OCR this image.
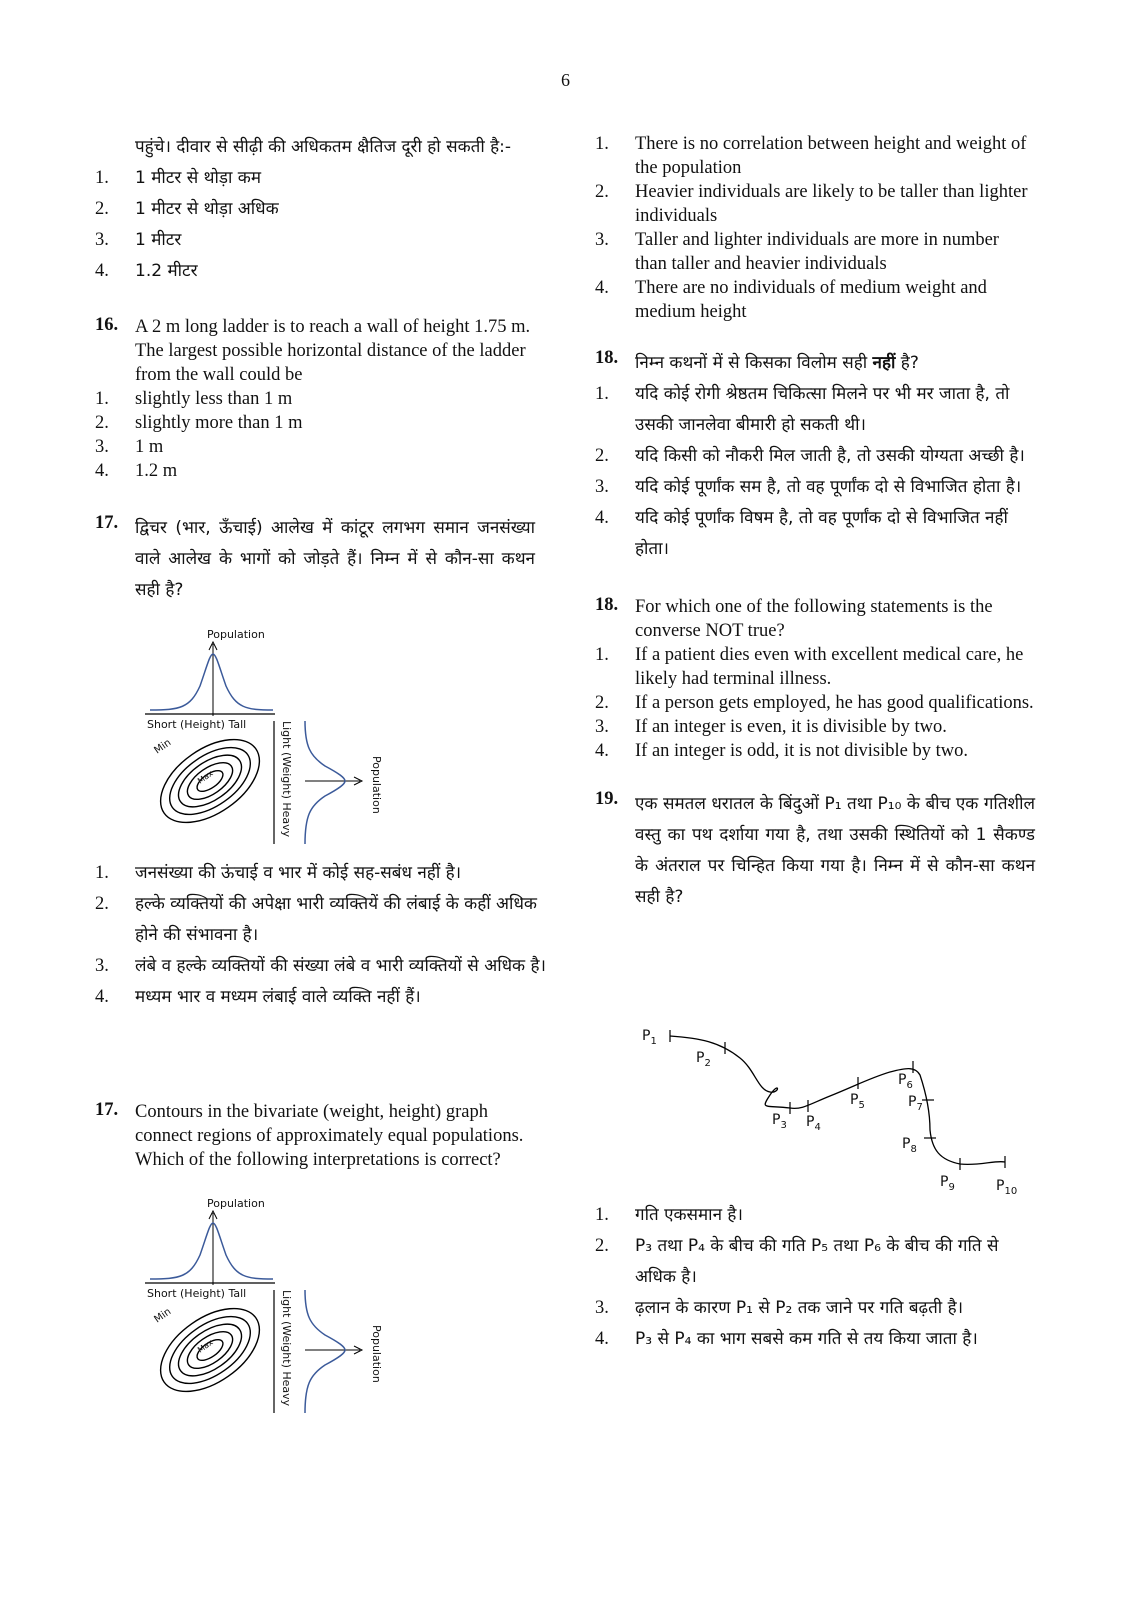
6
पहुंचे। दीवार से सीढ़ी की अधिकतम क्षैतिज दूरी हो सकती है:-
1.	1 मीटर से थोड़ा कम
2.	1 मीटर से थोड़ा अधिक
3.	1 मीटर
4.	1.2 मीटर
16. A 2 m long ladder is to reach a wall of height 1.75 m. The largest possible horizontal distance of the ladder from the wall could be
1.	slightly less than 1 m
2.	slightly more than 1 m
3.	1 m
4.	1.2 m
17. द्विचर (भार, ऊँचाई) आलेख में कांटूर लगभग समान जनसंख्या वाले आलेख के भागों को जोड़ते हैं। निम्न में से कौन-सा कथन सही है?
Population
Short (Height) Tall	Light (Weight) Heavy	Population
Min
Max
1.	जनसंख्या की ऊंचाई व भार में कोई सह-सबंध नहीं है।
2.	हल्के व्यक्तियों की अपेक्षा भारी व्यक्तियें की लंबाई के कहीं अधिक होने की संभावना है।
3.	लंबे व हल्के व्यक्तियों की संख्या लंबे व भारी व्यक्तियों से अधिक है।
4.	मध्यम भार व मध्यम लंबाई वाले व्यक्ति नहीं हैं।
17. Contours in the bivariate (weight, height) graph connect regions of approximately equal populations. Which of the following interpretations is correct?
Population
Short (Height) Tall	Light (Weight) Heavy	Population
Min
Max
1.	There is no correlation between height and weight of the population
2.	Heavier individuals are likely to be taller than lighter individuals
3.	Taller and lighter individuals are more in number than taller and heavier individuals
4.	There are no individuals of medium weight and medium height
18. निम्न कथनों में से किसका विलोम सही नहीं है?
1.	यदि कोई रोगी श्रेष्ठतम चिकित्सा मिलने पर भी मर जाता है, तो उसकी जानलेवा बीमारी हो सकती थी।
2.	यदि किसी को नौकरी मिल जाती है, तो उसकी योग्यता अच्छी है।
3.	यदि कोई पूर्णांक सम है, तो वह पूर्णांक दो से विभाजित होता है।
4.	यदि कोई पूर्णांक विषम है, तो वह पूर्णांक दो से विभाजित नहीं होता।
18. For which one of the following statements is the converse NOT true?
1.	If a patient dies even with excellent medical care, he likely had terminal illness.
2.	If a person gets employed, he has good qualifications.
3.	If an integer is even, it is divisible by two.
4.	If an integer is odd, it is not divisible by two.
19. एक समतल धरातल के बिंदुओं P₁ तथा P₁₀ के बीच एक गतिशील वस्तु का पथ दर्शाया गया है, तथा उसकी स्थितियों को 1 सैकण्ड के अंतराल पर चिन्हित किया गया है। निम्न में से कौन-सा कथन सही है?
$P_1$
$P_2$
$P_3$ $P_4$
$P_5$
$P_6$
$P_7$
$P_8$
$P_9$	$P_{10}$
1.	गति एकसमान है।
2.	P₃ तथा P₄ के बीच की गति P₅ तथा P₆ के बीच की गति से अधिक है।
3.	ढ़लान के कारण P₁ से P₂ तक जाने पर गति बढ़ती है।
4.	P₃ से P₄ का भाग सबसे कम गति से तय किया जाता है।
